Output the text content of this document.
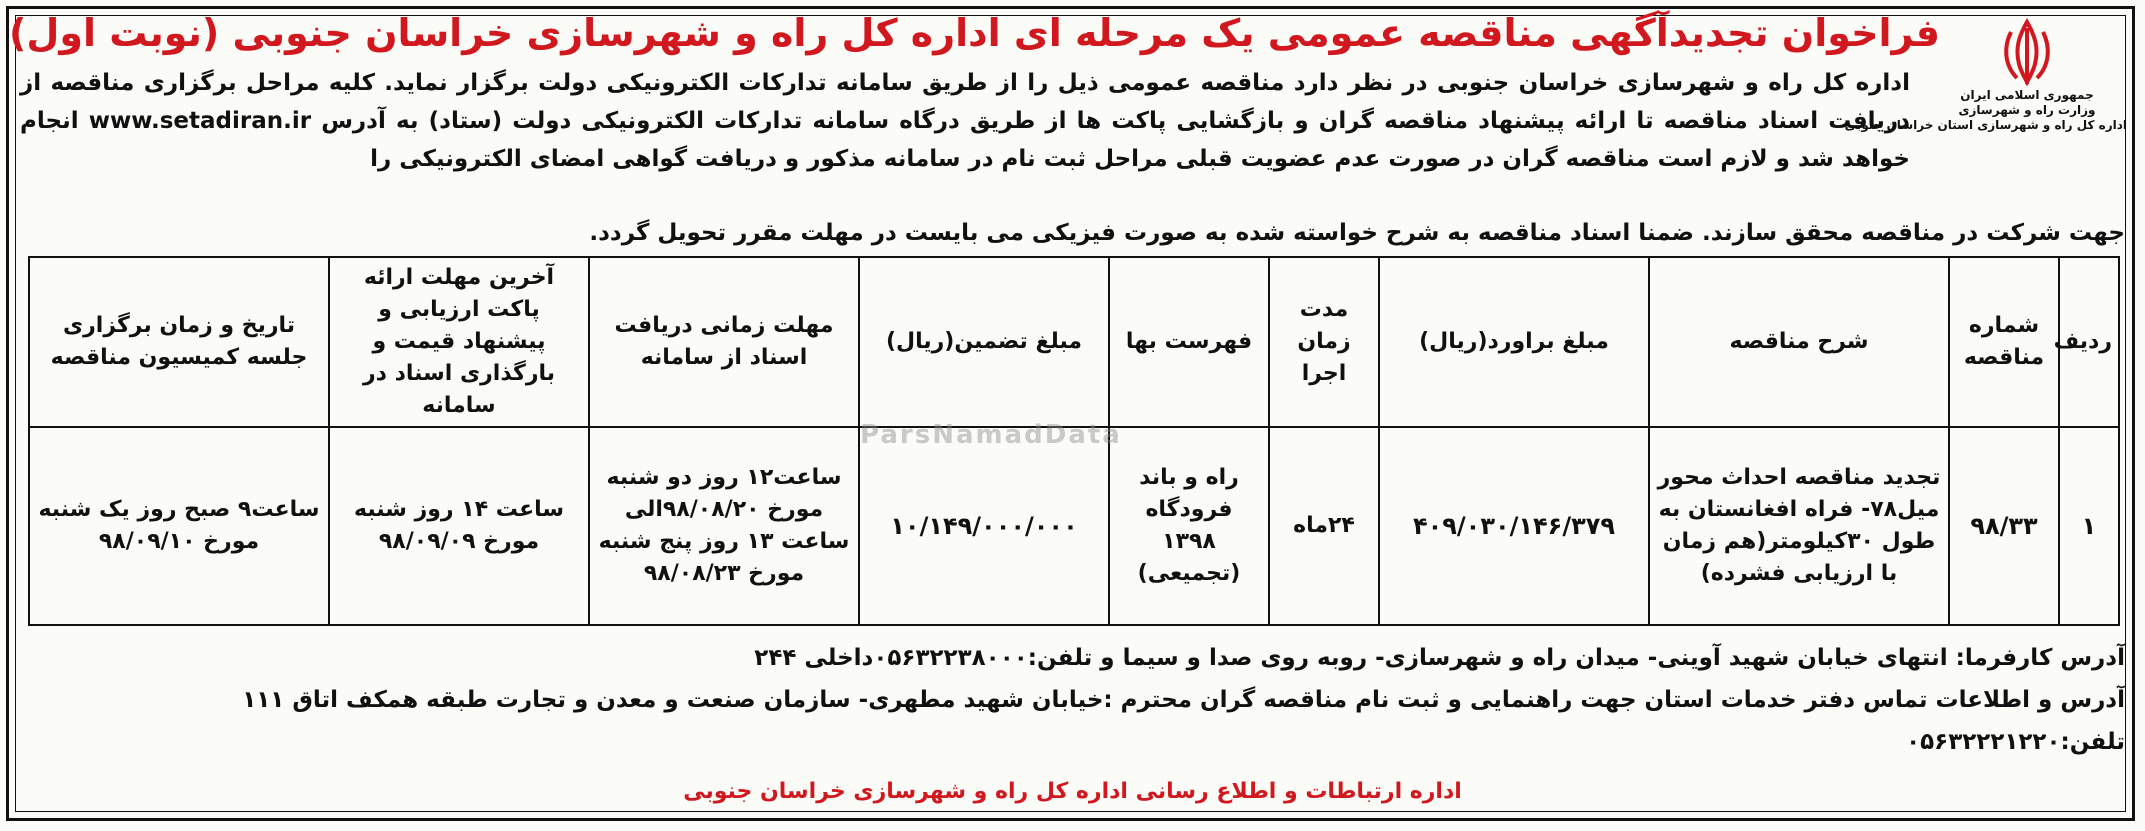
فراخوان تجدیدآگهی مناقصه عمومی یک مرحله ای اداره کل راه و شهرسازی خراسان جنوبی (نوبت اول)
جمهوری اسلامی ایران
وزارت راه و شهرسازی
اداره کل راه و شهرسازی استان خراسان جنوبی
اداره کل راه و شهرسازی خراسان جنوبی در نظر دارد مناقصه عمومی ذیل را از طریق سامانه تدارکات الکترونیکی دولت برگزار نماید. کلیه مراحل برگزاری مناقصه از دریافت اسناد مناقصه تا ارائه پیشنهاد مناقصه گران و بازگشایی پاکت ها از طریق درگاه سامانه تدارکات الکترونیکی دولت (ستاد) به آدرس www.setadiran.ir انجام خواهد شد و لازم است مناقصه گران در صورت عدم عضویت قبلی مراحل ثبت نام در سامانه مذکور و دریافت گواهی امضای الکترونیکی را
جهت شرکت در مناقصه محقق سازند. ضمنا اسناد مناقصه به شرح خواسته شده به صورت فیزیکی می بایست در مهلت مقرر تحویل گردد.
ردیف	شماره مناقصه	شرح مناقصه	مبلغ براورد(ریال)	مدت زمان اجرا	فهرست بها	مبلغ تضمین(ریال)	مهلت زمانی دریافت اسناد از سامانه	آخرین مهلت ارائه پاکت ارزیابی و پیشنهاد قیمت و بارگذاری اسناد در سامانه	تاریخ و زمان برگزاری جلسه کمیسیون مناقصه
۱	۹۸/۳۳	تجدید مناقصه احداث محور میل۷۸- فراه افغانستان به طول ۳۰کیلومتر(هم زمان با ارزیابی فشرده)	۴۰۹/۰۳۰/۱۴۶/۳۷۹	۲۴ماه	راه و باند فرودگاه ۱۳۹۸ (تجمیعی)	۱۰/۱۴۹/۰۰۰/۰۰۰	ساعت۱۲ روز دو شنبه مورخ ۹۸/۰۸/۲۰الی ساعت ۱۳ روز پنج شنبه مورخ ۹۸/۰۸/۲۳	ساعت ۱۴ روز شنبه مورخ ۹۸/۰۹/۰۹	ساعت۹ صبح روز یک شنبه مورخ ۹۸/۰۹/۱۰
ParsNamadData
آدرس کارفرما: انتهای خیابان شهید آوینی- میدان راه و شهرسازی- روبه روی صدا و سیما و تلفن:۰۵۶۳۲۲۳۸۰۰۰داخلی ۲۴۴
آدرس و اطلاعات تماس دفتر خدمات استان جهت راهنمایی و ثبت نام مناقصه گران محترم :خیابان شهید مطهری- سازمان صنعت و معدن و تجارت طبقه همکف اتاق ۱۱۱
تلفن:۰۵۶۳۲۲۲۱۲۲۰
اداره ارتباطات و اطلاع رسانی اداره کل راه و شهرسازی خراسان جنوبی
